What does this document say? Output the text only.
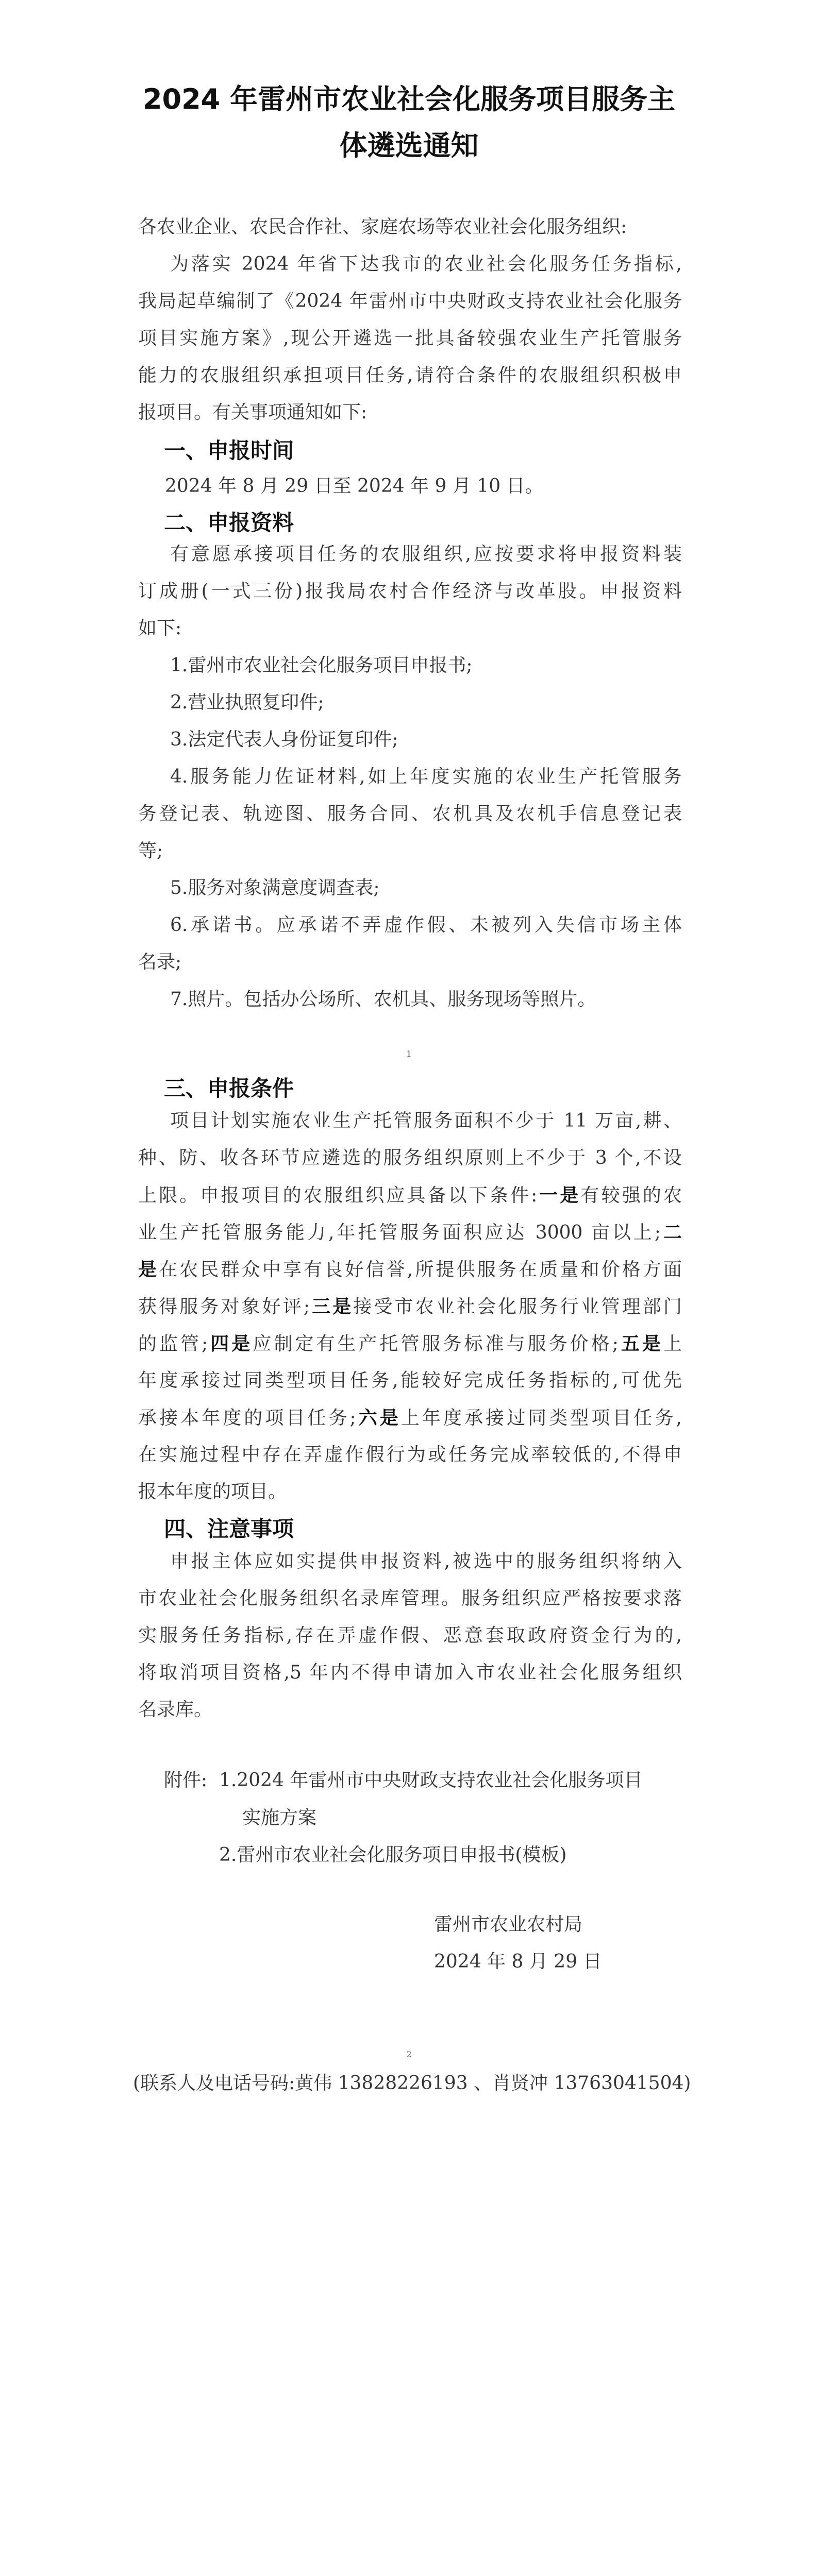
2024 年雷州市农业社会化服务项目服务主
体遴选通知
各农业企业、农民合作社、家庭农场等农业社会化服务组织:
为落实 2024 年省下达我市的农业社会化服务任务指标,
我局起草编制了《2024 年雷州市中央财政支持农业社会化服务
项目实施方案》,现公开遴选一批具备较强农业生产托管服务
能力的农服组织承担项目任务,请符合条件的农服组织积极申
报项目。有关事项通知如下:
一、申报时间
2024 年 8 月 29 日至 2024 年 9 月 10 日。
二、申报资料
有意愿承接项目任务的农服组织,应按要求将申报资料装
订成册(一式三份)报我局农村合作经济与改革股。申报资料
如下:
1.雷州市农业社会化服务项目申报书;
2.营业执照复印件;
3.法定代表人身份证复印件;
4.服务能力佐证材料,如上年度实施的农业生产托管服务
务登记表、轨迹图、服务合同、农机具及农机手信息登记表
等;
5.服务对象满意度调查表;
6.承诺书。应承诺不弄虚作假、未被列入失信市场主体
名录;
7.照片。包括办公场所、农机具、服务现场等照片。
1
三、申报条件
项目计划实施农业生产托管服务面积不少于 11 万亩,耕、
种、防、收各环节应遴选的服务组织原则上不少于 3 个,不设
上限。申报项目的农服组织应具备以下条件:一是有较强的农
业生产托管服务能力,年托管服务面积应达 3000 亩以上;二
是在农民群众中享有良好信誉,所提供服务在质量和价格方面
获得服务对象好评;三是接受市农业社会化服务行业管理部门
的监管;四是应制定有生产托管服务标准与服务价格;五是上
年度承接过同类型项目任务,能较好完成任务指标的,可优先
承接本年度的项目任务;六是上年度承接过同类型项目任务,
在实施过程中存在弄虚作假行为或任务完成率较低的,不得申
报本年度的项目。
四、注意事项
申报主体应如实提供申报资料,被选中的服务组织将纳入
市农业社会化服务组织名录库管理。服务组织应严格按要求落
实服务任务指标,存在弄虚作假、恶意套取政府资金行为的,
将取消项目资格,5 年内不得申请加入市农业社会化服务组织
名录库。
附件: 1.2024 年雷州市中央财政支持农业社会化服务项目
实施方案
2.雷州市农业社会化服务项目申报书(模板)
雷州市农业农村局
2024 年 8 月 29 日
2
(联系人及电话号码:黄伟 13828226193 、肖贤冲 13763041504)
